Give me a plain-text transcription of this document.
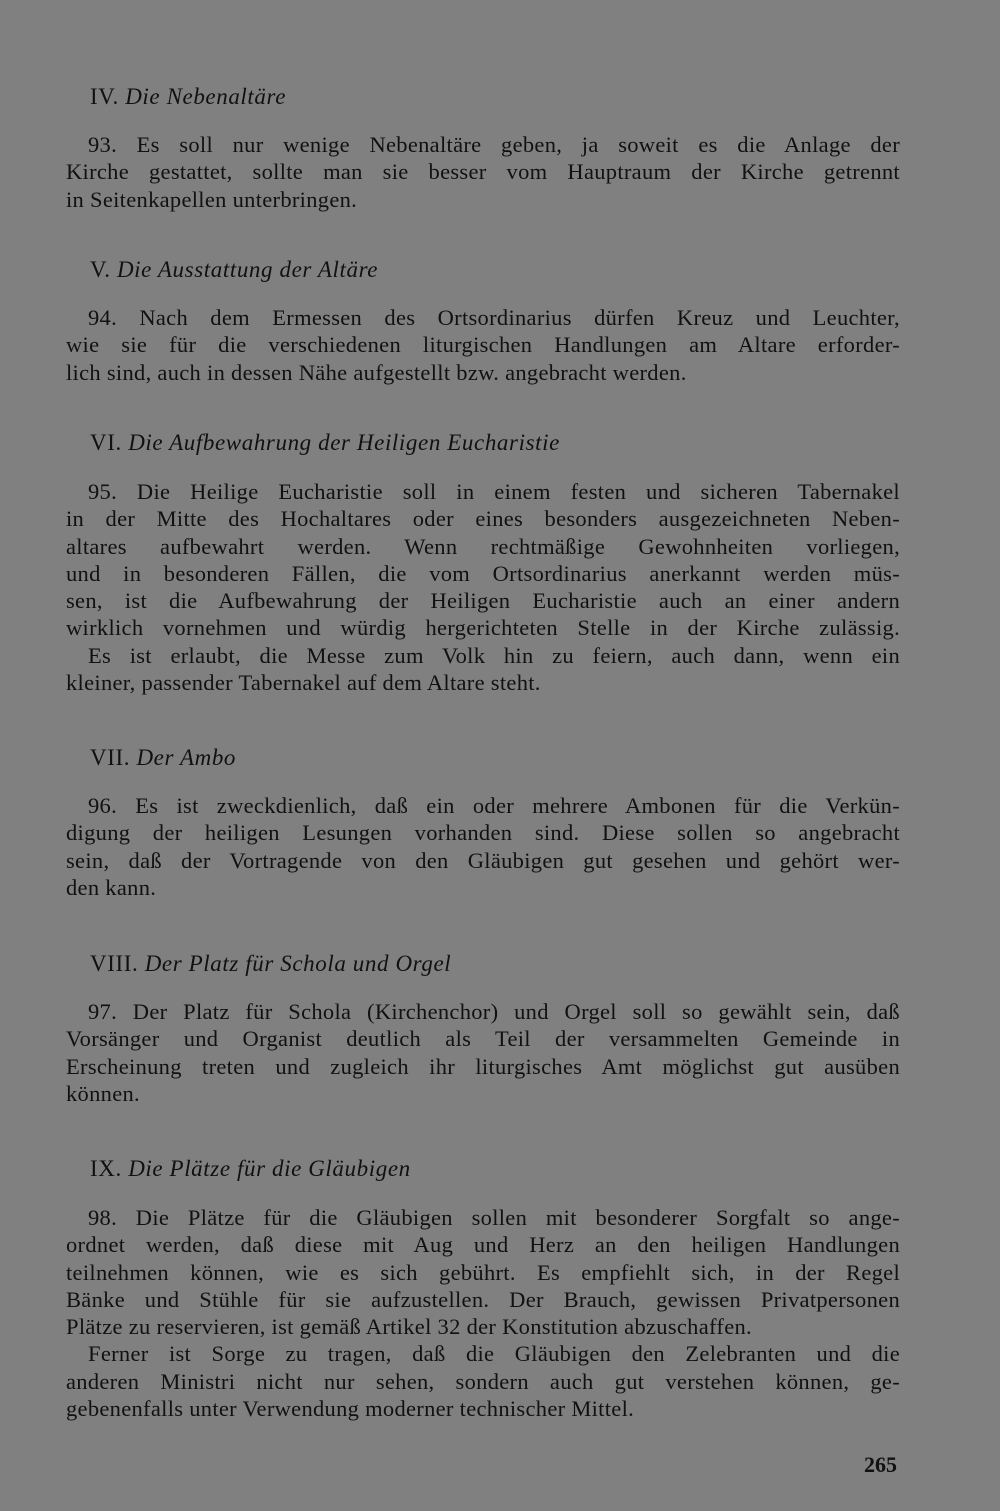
IV. Die Nebenaltäre
93. Es soll nur wenige Nebenaltäre geben, ja soweit es die Anlage der
Kirche gestattet, sollte man sie besser vom Hauptraum der Kirche getrennt
in Seitenkapellen unterbringen.
V. Die Ausstattung der Altäre
94. Nach dem Ermessen des Ortsordinarius dürfen Kreuz und Leuchter,
wie sie für die verschiedenen liturgischen Handlungen am Altare erforder-
lich sind, auch in dessen Nähe aufgestellt bzw. angebracht werden.
VI. Die Aufbewahrung der Heiligen Eucharistie
95. Die Heilige Eucharistie soll in einem festen und sicheren Tabernakel
in der Mitte des Hochaltares oder eines besonders ausgezeichneten Neben-
altares aufbewahrt werden. Wenn rechtmäßige Gewohnheiten vorliegen,
und in besonderen Fällen, die vom Ortsordinarius anerkannt werden müs-
sen, ist die Aufbewahrung der Heiligen Eucharistie auch an einer andern
wirklich vornehmen und würdig hergerichteten Stelle in der Kirche zulässig.
Es ist erlaubt, die Messe zum Volk hin zu feiern, auch dann, wenn ein
kleiner, passender Tabernakel auf dem Altare steht.
VII. Der Ambo
96. Es ist zweckdienlich, daß ein oder mehrere Ambonen für die Verkün-
digung der heiligen Lesungen vorhanden sind. Diese sollen so angebracht
sein, daß der Vortragende von den Gläubigen gut gesehen und gehört wer-
den kann.
VIII. Der Platz für Schola und Orgel
97. Der Platz für Schola (Kirchenchor) und Orgel soll so gewählt sein, daß
Vorsänger und Organist deutlich als Teil der versammelten Gemeinde in
Erscheinung treten und zugleich ihr liturgisches Amt möglichst gut ausüben
können.
IX. Die Plätze für die Gläubigen
98. Die Plätze für die Gläubigen sollen mit besonderer Sorgfalt so ange-
ordnet werden, daß diese mit Aug und Herz an den heiligen Handlungen
teilnehmen können, wie es sich gebührt. Es empfiehlt sich, in der Regel
Bänke und Stühle für sie aufzustellen. Der Brauch, gewissen Privatpersonen
Plätze zu reservieren, ist gemäß Artikel 32 der Konstitution abzuschaffen.
Ferner ist Sorge zu tragen, daß die Gläubigen den Zelebranten und die
anderen Ministri nicht nur sehen, sondern auch gut verstehen können, ge-
gebenenfalls unter Verwendung moderner technischer Mittel.
265
